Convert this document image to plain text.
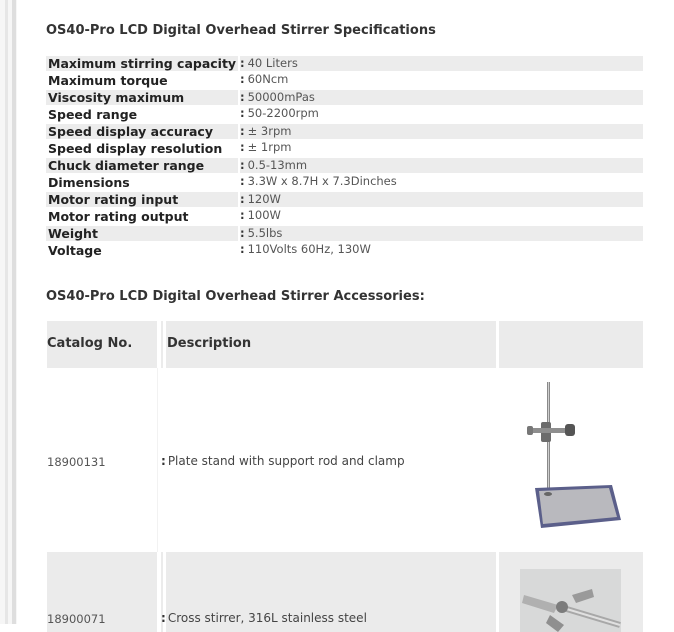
OS40-Pro LCD Digital Overhead Stirrer Specifications
Maximum stirring capacity : 40 Liters
Maximum torque	: 60Ncm
Viscosity maximum	: 50000mPas
Speed range	: 50-2200rpm
Speed display accuracy : ± 3rpm
Speed display resolution : ± 1rpm
Chuck diameter range	: 0.5-13mm
Dimensions	: 3.3W x 8.7H x 7.3Dinches
Motor rating input	: 120W
Motor rating output	: 100W
Weight	: 5.5lbs
Voltage	: 110Volts 60Hz, 130W
OS40-Pro LCD Digital Overhead Stirrer Accessories:
Catalog No.	Description
18900131	: Plate stand with support rod and clamp
18900071	: Cross stirrer, 316L stainless steel
